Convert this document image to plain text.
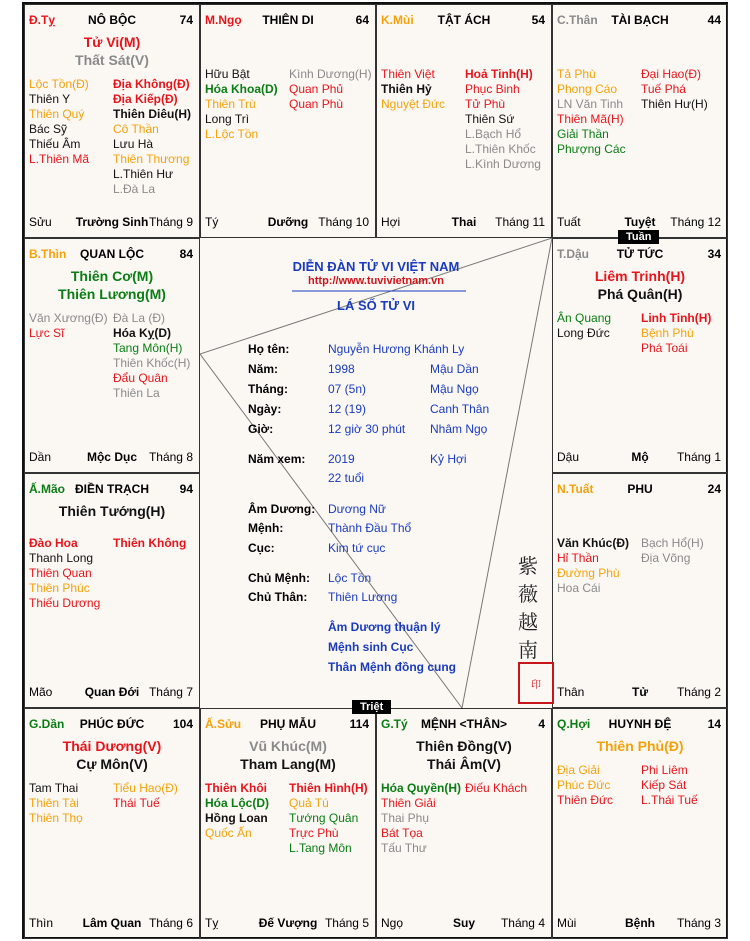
NÔ BỘC
Đ.Tỵ	74
Tử Vi(M)
Thất Sát(V)
Lộc Tồn(Đ)
Thiên Y
Thiên Quý
Bác Sỹ
Thiếu Âm
L.Thiên Mã
Địa Không(Đ)
Địa Kiếp(Đ)
Thiên Diêu(H)
Cô Thần
Lưu Hà
Thiên Thương
L.Thiên Hư
L.Đà La
Trường Sinh
Sửu	Tháng 9
THIÊN DI
M.Ngọ	64
Hữu Bật
Hóa Khoa(D)
Thiên Trù
Long Trì
L.Lộc Tồn
Kình Dương(H)
Quan Phủ
Quan Phù
Dưỡng
Tý	Tháng 10
TẬT ÁCH
K.Mùi	54
Thiên Việt
Thiên Hỷ
Nguyệt Đức
Hoả Tinh(H)
Phục Binh
Tử Phù
Thiên Sứ
L.Bạch Hổ
L.Thiên Khốc
L.Kình Dương
Thai
Hợi	Tháng 11
TÀI BẠCH
C.Thân	44
Tả Phù
Phong Cáo
LN Văn Tinh
Thiên Mã(H)
Giải Thần
Phượng Các
Đại Hao(Đ)
Tuế Phá
Thiên Hư(H)
Tuyệt
Tuất	Tháng 12
QUAN LỘC
B.Thìn	84
Thiên Cơ(M)
Thiên Lương(M)
Văn Xương(Đ)
Lực Sĩ
Đà La (Đ)
Hóa Kỵ(D)
Tang Môn(H)
Thiên Khốc(H)
Đẩu Quân
Thiên La
Mộc Dục
Dần	Tháng 8
TỬ TỨC
T.Dậu	34
Liêm Trinh(H)
Phá Quân(H)
Ân Quang
Long Đức
Linh Tinh(H)
Bệnh Phù
Phá Toái
Mộ
Dậu	Tháng 1
ĐIỀN TRẠCH
Ấ.Mão	94
Thiên Tướng(H)
Đào Hoa
Thanh Long
Thiên Quan
Thiên Phúc
Thiếu Dương
Thiên Không
Quan Đới
Mão	Tháng 7
PHU
N.Tuất	24
Văn Khúc(Đ)
Hỉ Thần
Đường Phù
Hoa Cái
Bạch Hổ(H)
Địa Võng
Tử
Thân	Tháng 2
PHÚC ĐỨC
G.Dần	104
Thái Dương(V)
Cự Môn(V)
Tam Thai
Thiên Tài
Thiên Thọ
Tiểu Hao(Đ)
Thái Tuế
Lâm Quan
Thìn	Tháng 6
PHỤ MẪU
Ấ.Sửu	114
Vũ Khúc(M)
Tham Lang(M)
Thiên Khôi
Hóa Lộc(D)
Hồng Loan
Quốc Ấn
Thiên Hình(H)
Quả Tú
Tướng Quân
Trực Phù
L.Tang Môn
Đế Vượng
Tỵ	Tháng 5
MỆNH <THÂN>
G.Tý	4
Thiên Đồng(V)
Thái Âm(V)
Hóa Quyền(H)
Thiên Giải
Thai Phụ
Bát Tọa
Tấu Thư
Điếu Khách
Suy
Ngọ	Tháng 4
HUYNH ĐỆ
Q.Hợi	14
Thiên Phủ(Đ)
Địa Giải
Phúc Đức
Thiên Đức
Phi Liêm
Kiếp Sát
L.Thái Tuế
Bệnh
Mùi	Tháng 3
DIỄN ĐÀN TỬ VI VIỆT NAM
http://www.tuvivietnam.vn
LÁ SỐ TỬ VI
Họ tên:	Nguyễn Hương Khánh Ly
Năm:	1998	Mậu Dần
Tháng:	07 (5n)	Mậu Ngọ
Ngày:	12 (19)	Canh Thân
Giờ:	12 giờ 30 phút Nhâm Ngọ
Năm xem: 2019	Kỷ Hợi
22 tuổi
Âm Dương: Dương Nữ
Mệnh:	Thành Đầu Thổ
Cục:	Kim tứ cục
Chủ Mệnh: Lộc Tồn
Chủ Thân: Thiên Lương
Âm Dương thuận lý
Mệnh sinh Cục
Thân Mệnh đồng cung
紫
薇
越
南
印
Tuần
Triệt
